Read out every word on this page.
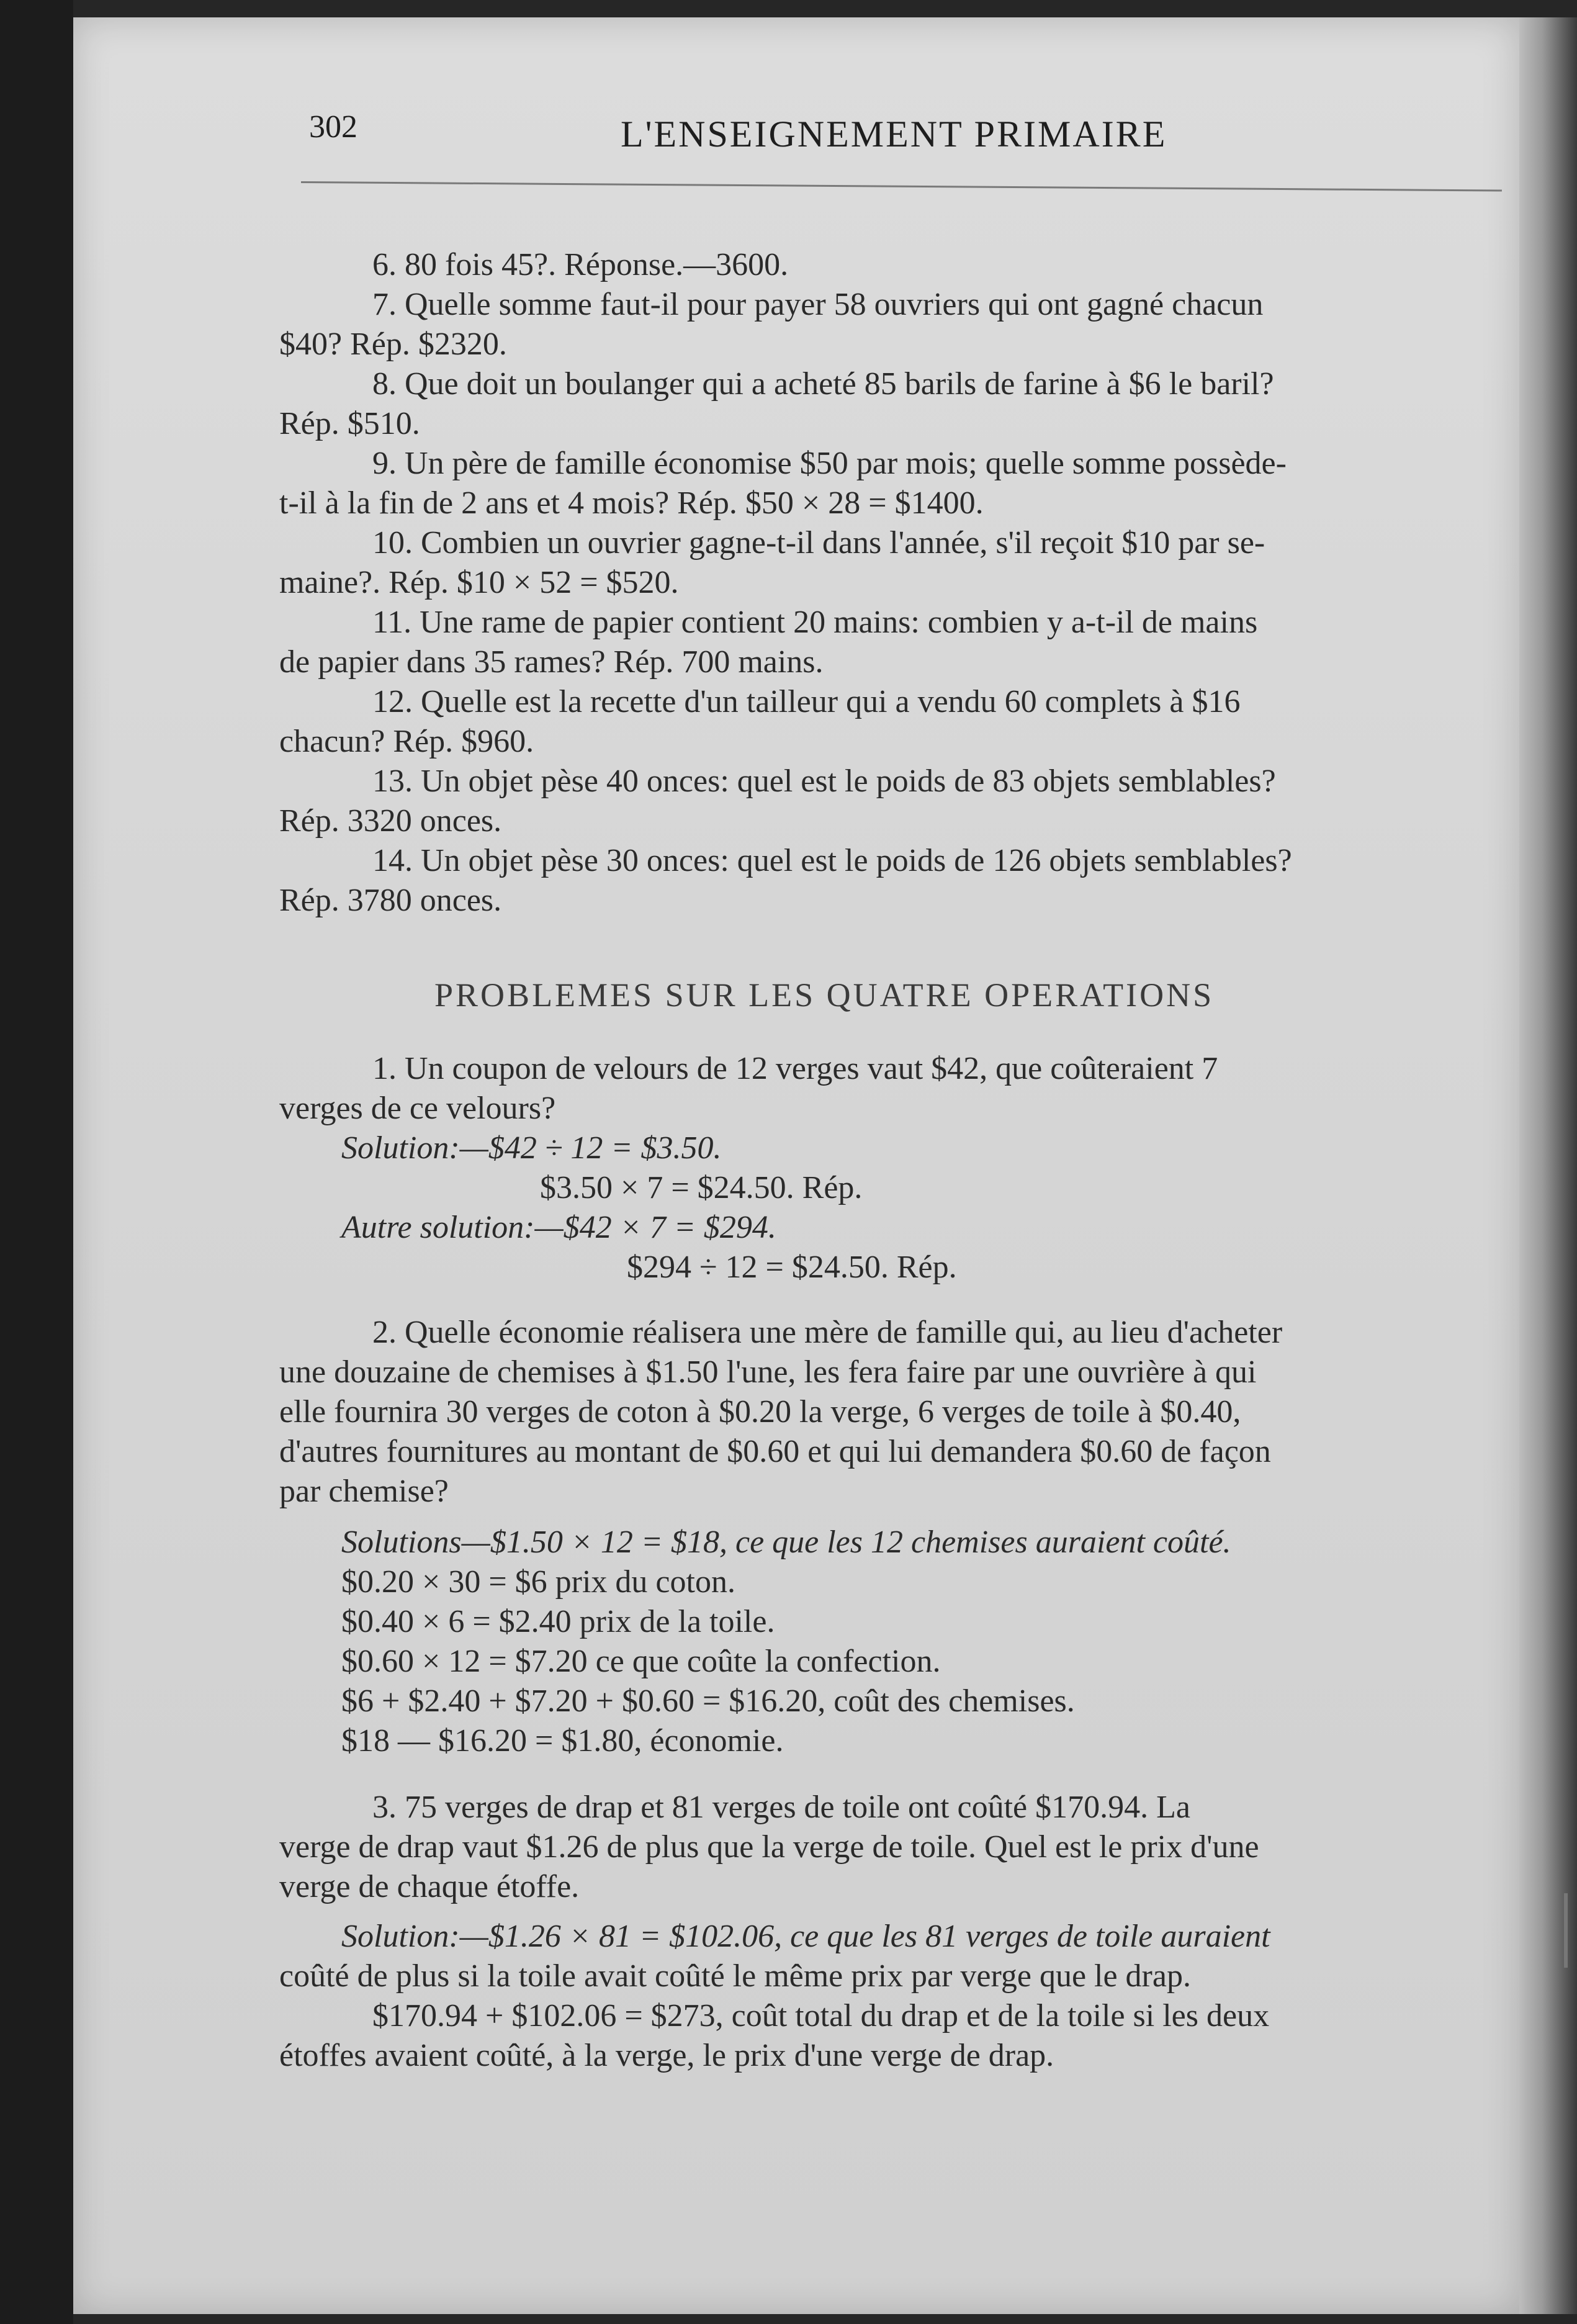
302	L'ENSEIGNEMENT PRIMAIRE
6. 80 fois 45?. Réponse.—3600.
7. Quelle somme faut-il pour payer 58 ouvriers qui ont gagné chacun
$40? Rép. $2320.
8. Que doit un boulanger qui a acheté 85 barils de farine à $6 le baril?
Rép. $510.
9. Un père de famille économise $50 par mois; quelle somme possède-
t-il à la fin de 2 ans et 4 mois? Rép. $50 × 28 = $1400.
10. Combien un ouvrier gagne-t-il dans l'année, s'il reçoit $10 par se-
maine?. Rép. $10 × 52 = $520.
11. Une rame de papier contient 20 mains: combien y a-t-il de mains
de papier dans 35 rames? Rép. 700 mains.
12. Quelle est la recette d'un tailleur qui a vendu 60 complets à $16
chacun? Rép. $960.
13. Un objet pèse 40 onces: quel est le poids de 83 objets semblables?
Rép. 3320 onces.
14. Un objet pèse 30 onces: quel est le poids de 126 objets semblables?
Rép. 3780 onces.
PROBLEMES SUR LES QUATRE OPERATIONS
1. Un coupon de velours de 12 verges vaut $42, que coûteraient 7
verges de ce velours?
Solution:—$42 ÷ 12 = $3.50.
$3.50 × 7 = $24.50. Rép.
Autre solution:—$42 × 7 = $294.
$294 ÷ 12 = $24.50. Rép.
2. Quelle économie réalisera une mère de famille qui, au lieu d'acheter
une douzaine de chemises à $1.50 l'une, les fera faire par une ouvrière à qui
elle fournira 30 verges de coton à $0.20 la verge, 6 verges de toile à $0.40,
d'autres fournitures au montant de $0.60 et qui lui demandera $0.60 de façon
par chemise?
Solutions—$1.50 × 12 = $18, ce que les 12 chemises auraient coûté.
$0.20 × 30 = $6 prix du coton.
$0.40 × 6 = $2.40 prix de la toile.
$0.60 × 12 = $7.20 ce que coûte la confection.
$6 + $2.40 + $7.20 + $0.60 = $16.20, coût des chemises.
$18 — $16.20 = $1.80, économie.
3. 75 verges de drap et 81 verges de toile ont coûté $170.94. La
verge de drap vaut $1.26 de plus que la verge de toile. Quel est le prix d'une
verge de chaque étoffe.
Solution:—$1.26 × 81 = $102.06, ce que les 81 verges de toile auraient
coûté de plus si la toile avait coûté le même prix par verge que le drap.
$170.94 + $102.06 = $273, coût total du drap et de la toile si les deux
étoffes avaient coûté, à la verge, le prix d'une verge de drap.
